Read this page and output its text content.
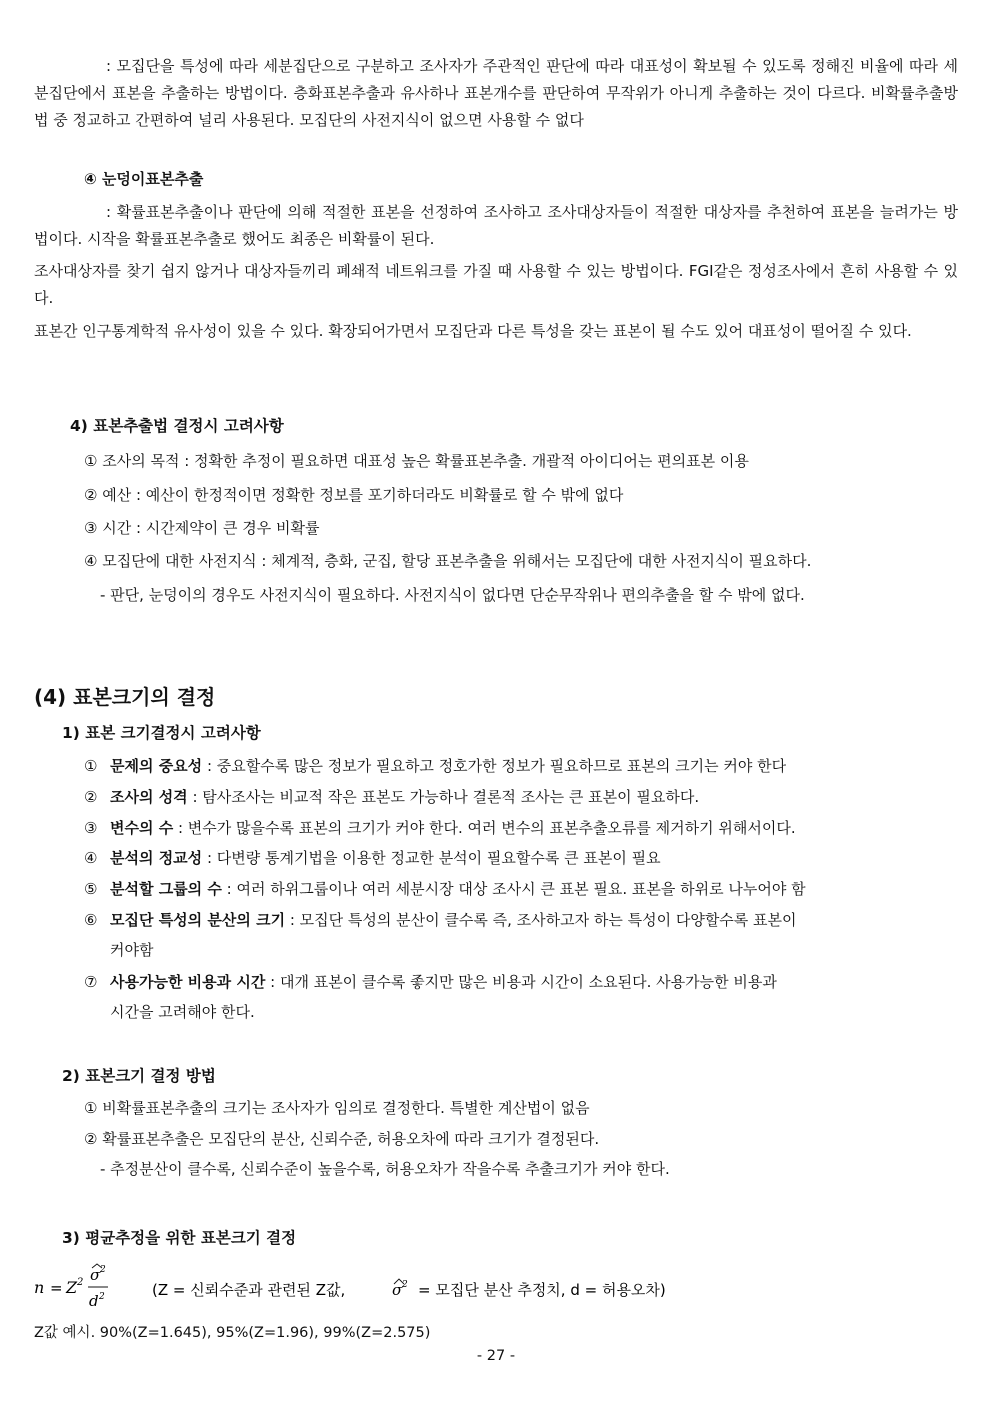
: 모집단을 특성에 따라 세분집단으로 구분하고 조사자가 주관적인 판단에 따라 대표성이 확보될 수 있도록 정해진 비율에 따라 세분집단에서 표본을 추출하는 방법이다. 층화표본추출과 유사하나 표본개수를 판단하여 무작위가 아니게 추출하는 것이 다르다. 비확률추출방법 중 정교하고 간편하여 널리 사용된다. 모집단의 사전지식이 없으면 사용할 수 없다

④ 눈덩이표본추출

: 확률표본추출이나 판단에 의해 적절한 표본을 선정하여 조사하고 조사대상자들이 적절한 대상자를 추천하여 표본을 늘려가는 방법이다. 시작을 확률표본추출로 했어도 최종은 비확률이 된다.

조사대상자를 찾기 쉽지 않거나 대상자들끼리 폐쇄적 네트워크를 가질 때 사용할 수 있는 방법이다. FGI같은 정성조사에서 흔히 사용할 수 있다.

표본간 인구통계학적 유사성이 있을 수 있다. 확장되어가면서 모집단과 다른 특성을 갖는 표본이 될 수도 있어 대표성이 떨어질 수 있다.

4) 표본추출법 결정시 고려사항
① 조사의 목적 : 정확한 추정이 필요하면 대표성 높은 확률표본추출. 개괄적 아이디어는 편의표본 이용
② 예산 : 예산이 한정적이면 정확한 정보를 포기하더라도 비확률로 할 수 밖에 없다
③ 시간 : 시간제약이 큰 경우 비확률
④ 모집단에 대한 사전지식 : 체계적, 층화, 군집, 할당 표본추출을 위해서는 모집단에 대한 사전지식이 필요하다.
- 판단, 눈덩이의 경우도 사전지식이 필요하다. 사전지식이 없다면 단순무작위나 편의추출을 할 수 밖에 없다.
(4) 표본크기의 결정
1) 표본 크기결정시 고려사항
① 문제의 중요성 : 중요할수록 많은 정보가 필요하고 정호가한 정보가 필요하므로 표본의 크기는 커야 한다
② 조사의 성격 : 탐사조사는 비교적 작은 표본도 가능하나 결론적 조사는 큰 표본이 필요하다.
③ 변수의 수 : 변수가 많을수록 표본의 크기가 커야 한다. 여러 변수의 표본추출오류를 제거하기 위해서이다.
④ 분석의 정교성 : 다변량 통계기법을 이용한 정교한 분석이 필요할수록 큰 표본이 필요
⑤ 분석할 그룹의 수 : 여러 하위그룹이나 여러 세분시장 대상 조사시 큰 표본 필요. 표본을 하위로 나누어야 함
⑥ 모집단 특성의 분산의 크기 : 모집단 특성의 분산이 클수록 즉, 조사하고자 하는 특성이 다양할수록 표본이
커야함
⑦ 사용가능한 비용과 시간 : 대개 표본이 클수록 좋지만 많은 비용과 시간이 소요된다. 사용가능한 비용과
시간을 고려해야 한다.
2) 표본크기 결정 방법
① 비확률표본추출의 크기는 조사자가 임의로 결정한다. 특별한 계산법이 없음
② 확률표본추출은 모집단의 분산, 신뢰수준, 허용오차에 따라 크기가 결정된다.
- 추정분산이 클수록, 신뢰수준이 높을수록, 허용오차가 작을수록 추출크기가 커야 한다.
3) 평균추정을 위한 표본크기 결정
n = Z 2 σ 2
d 2	(Z = 신뢰수준과 관련된 Z값,	σ 2 = 모집단 분산 추정치, d = 허용오차)
Z값 예시. 90%(Z=1.645), 95%(Z=1.96), 99%(Z=2.575)
- 27 -
